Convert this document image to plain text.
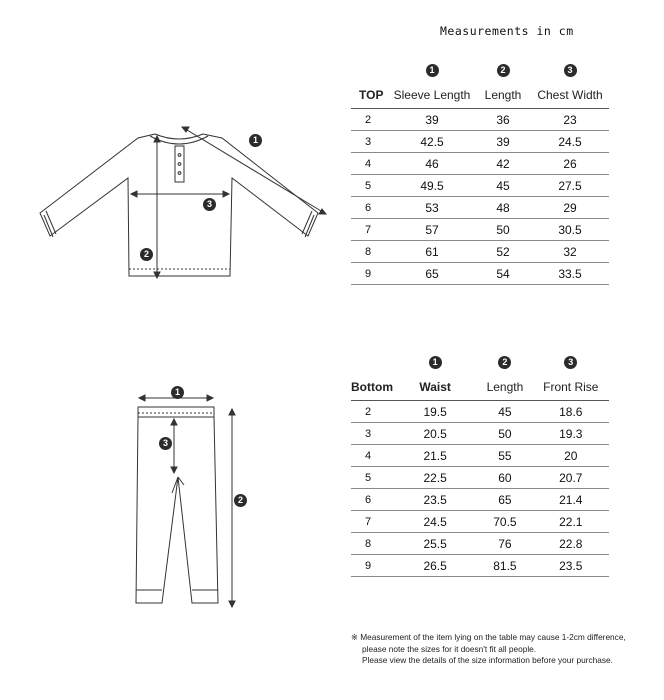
Measurements in cm
1
2
3
	1	2	3
TOP	Sleeve Length	Length	Chest Width
2	39	36	23
3	42.5	39	24.5
4	46	42	26
5	49.5	45	27.5
6	53	48	29
7	57	50	30.5
8	61	52	32
9	65	54	33.5
1
2
3
	1	2	3
Bottom	Waist	Length	Front Rise
2	19.5	45	18.6
3	20.5	50	19.3
4	21.5	55	20
5	22.5	60	20.7
6	23.5	65	21.4
7	24.5	70.5	22.1
8	25.5	76	22.8
9	26.5	81.5	23.5
※ Measurement of the item lying on the table may cause 1-2cm difference,
please note the sizes for it doesn't fit all people.
Please view the details of the size information before your purchase.
